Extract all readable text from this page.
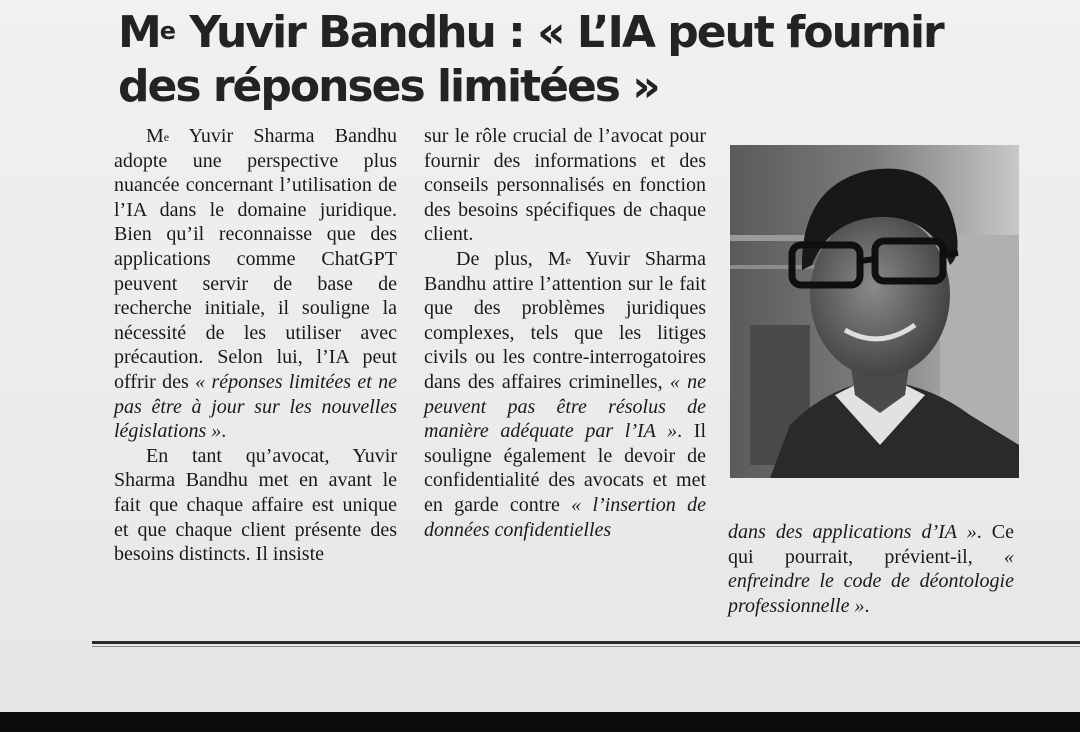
Me Yuvir Bandhu : « L’IA peut fournir des réponses limitées »

Me Yuvir Sharma Bandhu adopte une perspective plus nuancée concernant l’utilisation de l’IA dans le domaine juridique. Bien qu’il reconnaisse que des applications comme ChatGPT peuvent servir de base de recherche initiale, il souligne la nécessité de les utiliser avec précaution. Selon lui, l’IA peut offrir des « réponses limitées et ne pas être à jour sur les nouvelles législations ».

En tant qu’avocat, Yuvir Sharma Bandhu met en avant le fait que chaque affaire est unique et que chaque client présente des besoins distincts. Il insiste

sur le rôle crucial de l’avocat pour fournir des informations et des conseils personnalisés en fonction des besoins spécifiques de chaque client.

De plus, Me Yuvir Sharma Bandhu attire l’attention sur le fait que des problèmes juridiques complexes, tels que les litiges civils ou les contre-interrogatoires dans des affaires criminelles, « ne peuvent pas être résolus de manière adéquate par l’IA ». Il souligne également le devoir de confidentialité des avocats et met en garde contre « l’insertion de données confidentielles	dans des applications d’IA ». Ce qui pourrait, prévient-il, « enfreindre le code de déontologie professionnelle ».
